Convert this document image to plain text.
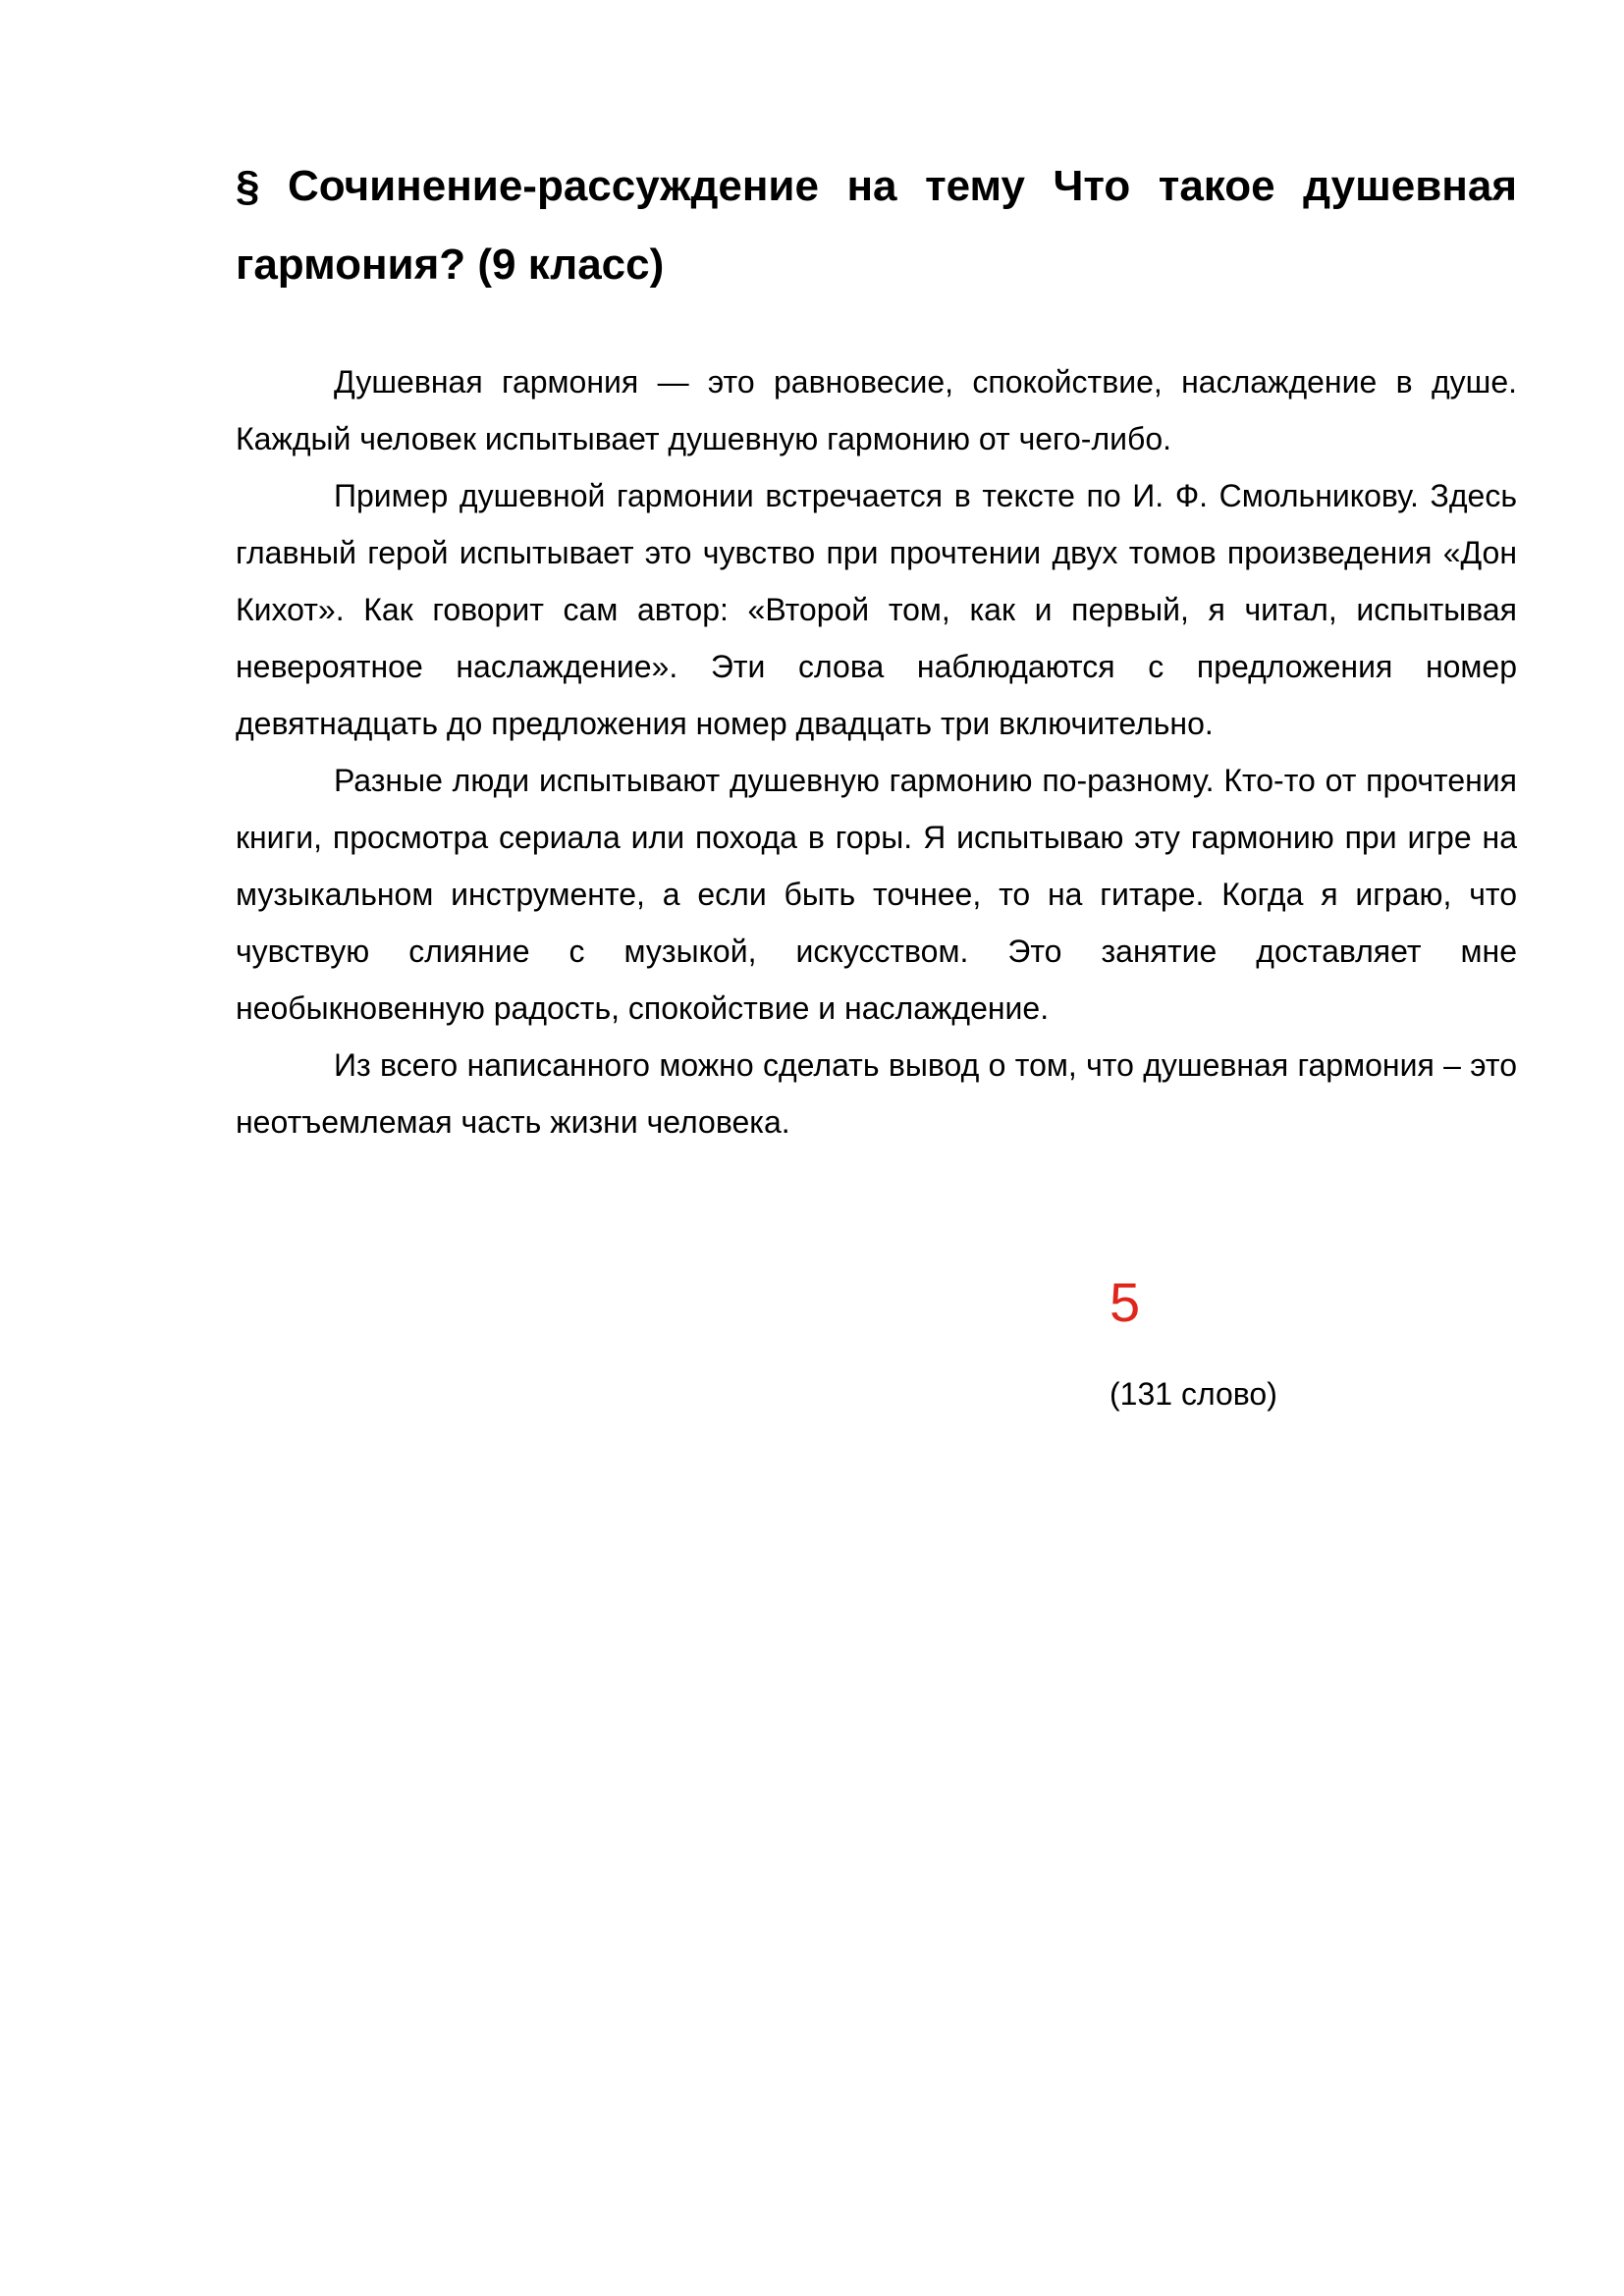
§ Сочинение-рассуждение на тему Что такое душевная гармония? (9 класс)

Душевная гармония — это равновесие, спокойствие, наслаждение в душе. Каждый человек испытывает душевную гармонию от чего-либо.

Пример душевной гармонии встречается в тексте по И. Ф. Смольникову. Здесь главный герой испытывает это чувство при прочтении двух томов произведения «Дон Кихот». Как говорит сам автор: «Второй том, как и первый, я читал, испытывая невероятное наслаждение». Эти слова наблюдаются с предложения номер девятнадцать до предложения номер двадцать три включительно.

Разные люди испытывают душевную гармонию по-разному. Кто-то от прочтения книги, просмотра сериала или похода в горы. Я испытываю эту гармонию при игре на музыкальном инструменте, а если быть точнее, то на гитаре. Когда я играю, что чувствую слияние с музыкой, искусством. Это занятие доставляет мне необыкновенную радость, спокойствие и наслаждение.

Из всего написанного можно сделать вывод о том, что душевная гармония – это неотъемлемая часть жизни человека.

5
(131 слово)
